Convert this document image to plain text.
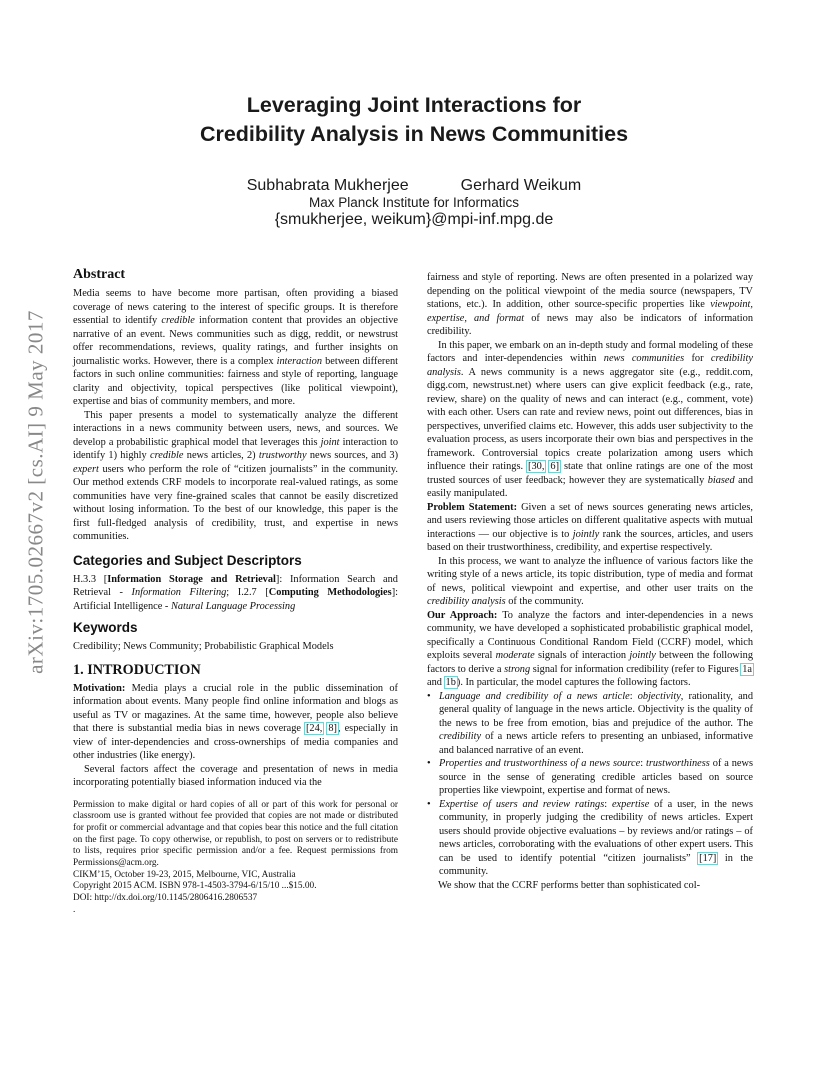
Leveraging Joint Interactions for
Credibility Analysis in News Communities
Subhabrata Mukherjee	Gerhard Weikum
Max Planck Institute for Informatics
{smukherjee, weikum}@mpi-inf.mpg.de
arXiv:1705.02667v2 [cs.AI] 9 May 2017
Abstract

Media seems to have become more partisan, often providing a biased coverage of news catering to the interest of specific groups. It is therefore essential to identify credible information content that provides an objective narrative of an event. News communities such as digg, reddit, or newstrust offer recommendations, reviews, quality ratings, and further insights on journalistic works. However, there is a complex interaction between different factors in such online communities: fairness and style of reporting, language clarity and objectivity, topical perspectives (like political viewpoint), expertise and bias of community members, and more.

This paper presents a model to systematically analyze the different interactions in a news community between users, news, and sources. We develop a probabilistic graphical model that leverages this joint interaction to identify 1) highly credible news articles, 2) trustworthy news sources, and 3) expert users who perform the role of “citizen journalists” in the community. Our method extends CRF models to incorporate real-valued ratings, as some communities have very fine-grained scales that cannot be easily discretized without losing information. To the best of our knowledge, this paper is the first full-fledged analysis of credibility, trust, and expertise in news communities.

Categories and Subject Descriptors

H.3.3 [Information Storage and Retrieval]: Information Search and Retrieval - Information Filtering; I.2.7 [Computing Methodologies]: Artificial Intelligence - Natural Language Processing

Keywords

Credibility; News Community; Probabilistic Graphical Models

1. INTRODUCTION

Motivation: Media plays a crucial role in the public dissemination of information about events. Many people find online information and blogs as useful as TV or magazines. At the same time, however, people also believe that there is substantial media bias in news coverage [24, 8], especially in view of inter-dependencies and cross-ownerships of media companies and other industries (like energy).

Several factors affect the coverage and presentation of news in media incorporating potentially biased information induced via the

Permission to make digital or hard copies of all or part of this work for personal or classroom use is granted without fee provided that copies are not made or distributed for profit or commercial advantage and that copies bear this notice and the full citation on the first page. To copy otherwise, or republish, to post on servers or to redistribute to lists, requires prior specific permission and/or a fee. Request permissions from Permissions@acm.org.

CIKM’15, October 19-23, 2015, Melbourne, VIC, Australia

Copyright 2015 ACM. ISBN 978-1-4503-3794-6/15/10 ...$15.00.

DOI: http://dx.doi.org/10.1145/2806416.2806537

.

fairness and style of reporting. News are often presented in a polarized way depending on the political viewpoint of the media source (newspapers, TV stations, etc.). In addition, other source-specific properties like viewpoint, expertise, and format of news may also be indicators of information credibility.

In this paper, we embark on an in-depth study and formal modeling of these factors and inter-dependencies within news communities for credibility analysis. A news community is a news aggregator site (e.g., reddit.com, digg.com, newstrust.net) where users can give explicit feedback (e.g., rate, review, share) on the quality of news and can interact (e.g., comment, vote) with each other. Users can rate and review news, point out differences, bias in perspectives, unverified claims etc. However, this adds user subjectivity to the evaluation process, as users incorporate their own bias and perspectives in the framework. Controversial topics create polarization among users which influence their ratings. [30, 6] state that online ratings are one of the most trusted sources of user feedback; however they are systematically biased and easily manipulated.

Problem Statement: Given a set of news sources generating news articles, and users reviewing those articles on different qualitative aspects with mutual interactions — our objective is to jointly rank the sources, articles, and users based on their trustworthiness, credibility, and expertise respectively.

In this process, we want to analyze the influence of various factors like the writing style of a news article, its topic distribution, type of media and format of news, political viewpoint and expertise, and other user traits on the credibility analysis of the community.

Our Approach: To analyze the factors and inter-dependencies in a news community, we have developed a sophisticated probabilistic graphical model, specifically a Continuous Conditional Random Field (CCRF) model, which exploits several moderate signals of interaction jointly between the following factors to derive a strong signal for information credibility (refer to Figures 1a and 1b). In particular, the model captures the following factors.

• Language and credibility of a news article: objectivity, rationality, and general quality of language in the news article. Objectivity is the quality of the news to be free from emotion, bias and prejudice of the author. The credibility of a news article refers to presenting an unbiased, informative and balanced narrative of an event.
• Properties and trustworthiness of a news source: trustworthiness of a news source in the sense of generating credible articles based on source properties like viewpoint, expertise and format of news.
• Expertise of users and review ratings: expertise of a user, in the news community, in properly judging the credibility of news articles. Expert users should provide objective evaluations – by reviews and/or ratings – of news articles, corroborating with the evaluations of other expert users. This can be used to identify potential “citizen journalists” [17] in the community.

We show that the CCRF performs better than sophisticated col-
